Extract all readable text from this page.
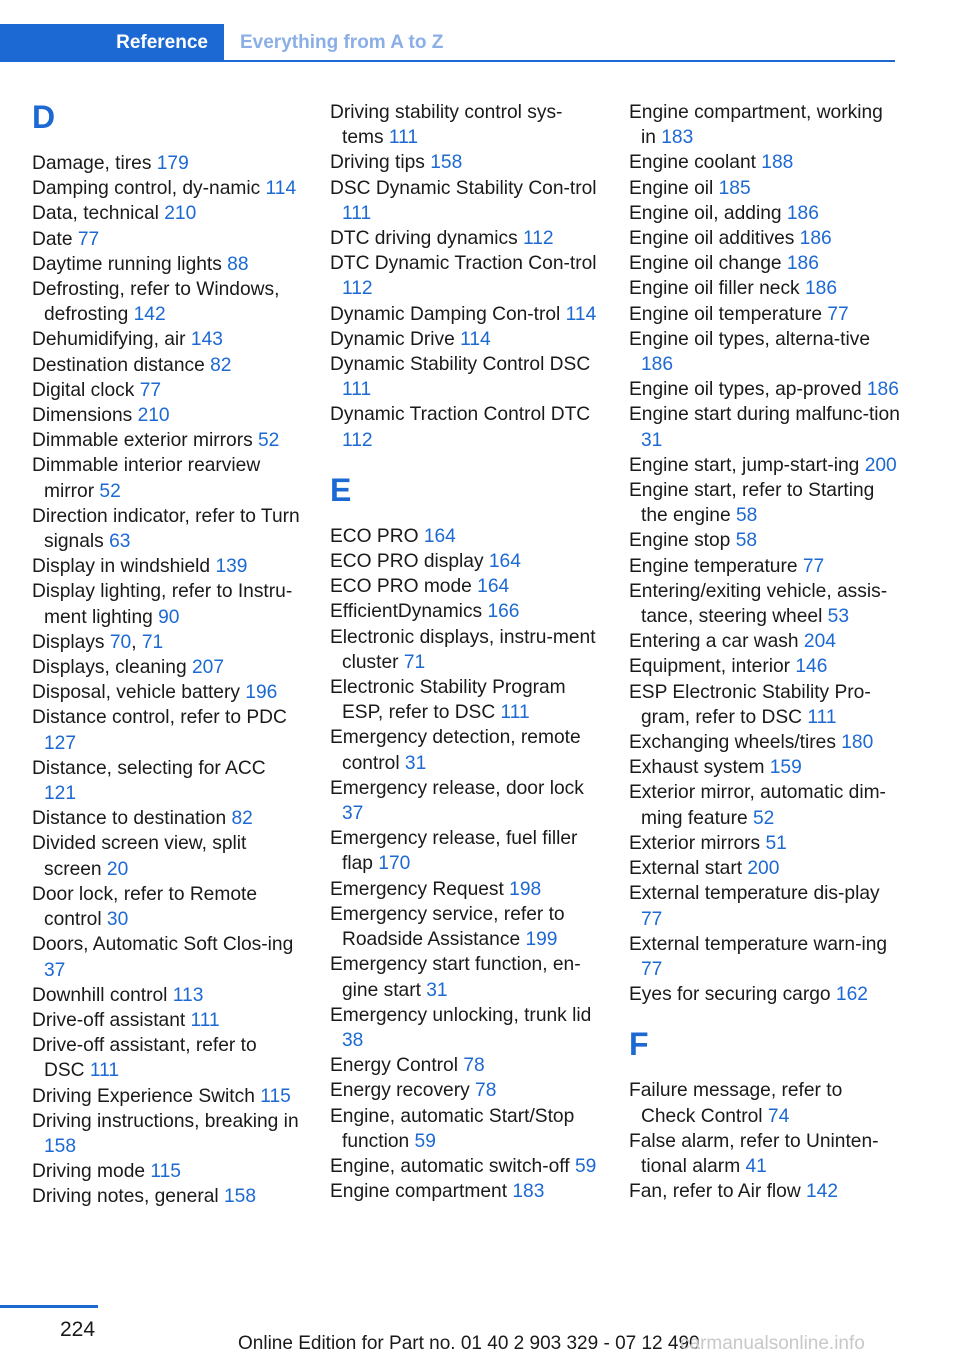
Reference Everything from A to Z
D
Damage, tires 179
Damping control, dy-namic 114
Data, technical 210
Date 77
Daytime running lights 88
Defrosting, refer to Windows, defrosting 142
Dehumidifying, air 143
Destination distance 82
Digital clock 77
Dimensions 210
Dimmable exterior mirrors 52
Dimmable interior rearview mirror 52
Direction indicator, refer to Turn signals 63
Display in windshield 139
Display lighting, refer to Instru-ment lighting 90
Displays 70, 71
Displays, cleaning 207
Disposal, vehicle battery 196
Distance control, refer to PDC 127
Distance, selecting for ACC 121
Distance to destination 82
Divided screen view, split screen 20
Door lock, refer to Remote control 30
Doors, Automatic Soft Clos-ing 37
Downhill control 113
Drive-off assistant 111
Drive-off assistant, refer to DSC 111
Driving Experience Switch 115
Driving instructions, breaking in 158
Driving mode 115
Driving notes, general 158
Driving stability control sys-tems 111
Driving tips 158
DSC Dynamic Stability Con-trol 111
DTC driving dynamics 112
DTC Dynamic Traction Con-trol 112
Dynamic Damping Con-trol 114
Dynamic Drive 114
Dynamic Stability Control DSC 111
Dynamic Traction Control DTC 112
E
ECO PRO 164
ECO PRO display 164
ECO PRO mode 164
EfficientDynamics 166
Electronic displays, instru-ment cluster 71
Electronic Stability Program ESP, refer to DSC 111
Emergency detection, remote control 31
Emergency release, door lock 37
Emergency release, fuel filler flap 170
Emergency Request 198
Emergency service, refer to Roadside Assistance 199
Emergency start function, en-gine start 31
Emergency unlocking, trunk lid 38
Energy Control 78
Energy recovery 78
Engine, automatic Start/Stop function 59
Engine, automatic switch-off 59
Engine compartment 183
Engine compartment, working in 183
Engine coolant 188
Engine oil 185
Engine oil, adding 186
Engine oil additives 186
Engine oil change 186
Engine oil filler neck 186
Engine oil temperature 77
Engine oil types, alterna-tive 186
Engine oil types, ap-proved 186
Engine start during malfunc-tion 31
Engine start, jump-start-ing 200
Engine start, refer to Starting the engine 58
Engine stop 58
Engine temperature 77
Entering/exiting vehicle, assis-tance, steering wheel 53
Entering a car wash 204
Equipment, interior 146
ESP Electronic Stability Pro-gram, refer to DSC 111
Exchanging wheels/tires 180
Exhaust system 159
Exterior mirror, automatic dim-ming feature 52
Exterior mirrors 51
External start 200
External temperature dis-play 77
External temperature warn-ing 77
Eyes for securing cargo 162
F
Failure message, refer to Check Control 74
False alarm, refer to Uninten-tional alarm 41
Fan, refer to Air flow 142
224
Online Edition for Part no. 01 40 2 903 329 - 07 12 490
carmanualsonline.info
